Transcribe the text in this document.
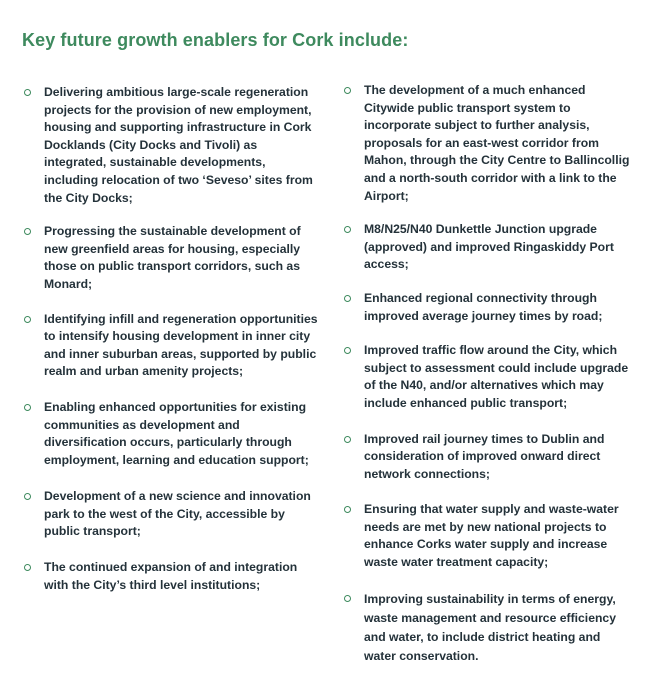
Key future growth enablers for Cork include:
Delivering ambitious large-scale regeneration projects for the provision of new employment, housing and supporting infrastructure in Cork Docklands (City Docks and Tivoli) as integrated, sustainable developments, including relocation of two ‘Seveso’ sites from the City Docks;
Progressing the sustainable development of new greenfield areas for housing, especially those on public transport corridors, such as Monard;
Identifying infill and regeneration opportunities to intensify housing development in inner city and inner suburban areas, supported by public realm and urban amenity projects;
Enabling enhanced opportunities for existing communities as development and diversification occurs, particularly through employment, learning and education support;
Development of a new science and innovation park to the west of the City, accessible by public transport;
The continued expansion of and integration with the City’s third level institutions;
The development of a much enhanced Citywide public transport system to incorporate subject to further analysis, proposals for an east-west corridor from Mahon, through the City Centre to Ballincollig and a north-south corridor with a link to the Airport;
M8/N25/N40 Dunkettle Junction upgrade (approved) and improved Ringaskiddy Port access;
Enhanced regional connectivity through improved average journey times by road;
Improved traffic flow around the City, which subject to assessment could include upgrade of the N40, and/or alternatives which may include enhanced public transport;
Improved rail journey times to Dublin and consideration of improved onward direct network connections;
Ensuring that water supply and waste-water needs are met by new national projects to enhance Corks water supply and increase waste water treatment capacity;
Improving sustainability in terms of energy, waste management and resource efficiency and water, to include district heating and water conservation.
